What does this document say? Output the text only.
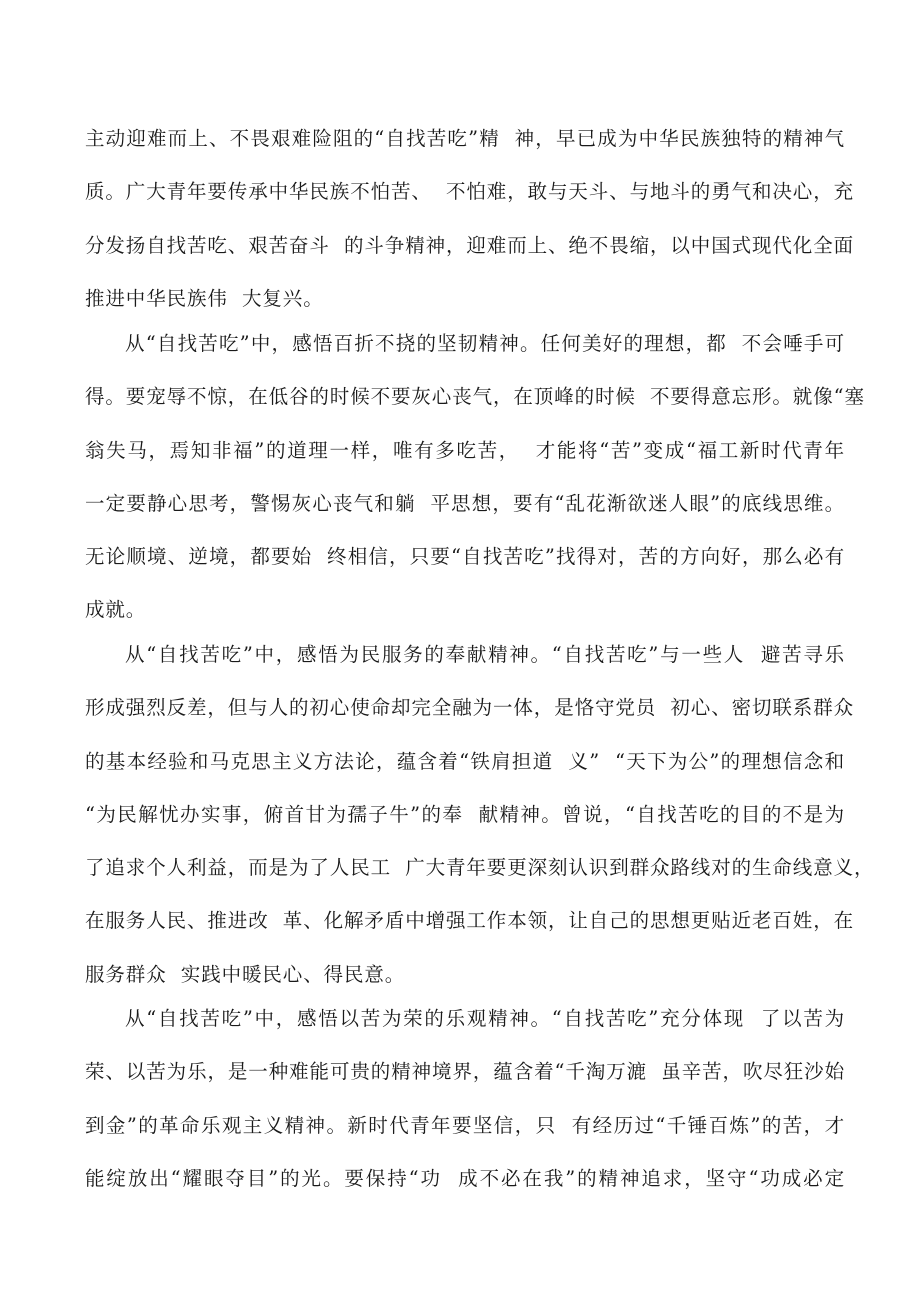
主动迎难而上、不畏艰难险阻的“自找苦吃”精  神，早已成为中华民族独特的精神气
质。广大青年要传承中华民族不怕苦、  不怕难，敢与天斗、与地斗的勇气和决心，充
分发扬自找苦吃、艰苦奋斗  的斗争精神，迎难而上、绝不畏缩，以中国式现代化全面
推进中华民族伟  大复兴。
从“自找苦吃”中，感悟百折不挠的坚韧精神。任何美好的理想，都  不会唾手可
得。要宠辱不惊，在低谷的时候不要灰心丧气，在顶峰的时候  不要得意忘形。就像“塞
翁失马，焉知非福”的道理一样，唯有多吃苦，  才能将“苦”变成“福工新时代青年
一定要静心思考，警惕灰心丧气和躺  平思想，要有“乱花渐欲迷人眼”的底线思维。
无论顺境、逆境，都要始  终相信，只要“自找苦吃”找得对，苦的方向好，那么必有
成就。
从“自找苦吃”中，感悟为民服务的奉献精神。“自找苦吃”与一些人  避苦寻乐
形成强烈反差，但与人的初心使命却完全融为一体，是恪守党员  初心、密切联系群众
的基本经验和马克思主义方法论，蕴含着“铁肩担道  义”  “天下为公”的理想信念和
“为民解忧办实事，俯首甘为孺子牛”的奉  献精神。曾说，“自找苦吃的目的不是为
了追求个人利益，而是为了人民工  广大青年要更深刻认识到群众路线对的生命线意义，
在服务人民、推进改  革、化解矛盾中增强工作本领，让自己的思想更贴近老百姓，在
服务群众  实践中暖民心、得民意。
从“自找苦吃”中，感悟以苦为荣的乐观精神。“自找苦吃”充分体现  了以苦为
荣、以苦为乐，是一种难能可贵的精神境界，蕴含着“千淘万漉  虽辛苦，吹尽狂沙始
到金”的革命乐观主义精神。新时代青年要坚信，只  有经历过“千锤百炼”的苦，才
能绽放出“耀眼夺目”的光。要保持“功  成不必在我”的精神追求，坚守“功成必定
